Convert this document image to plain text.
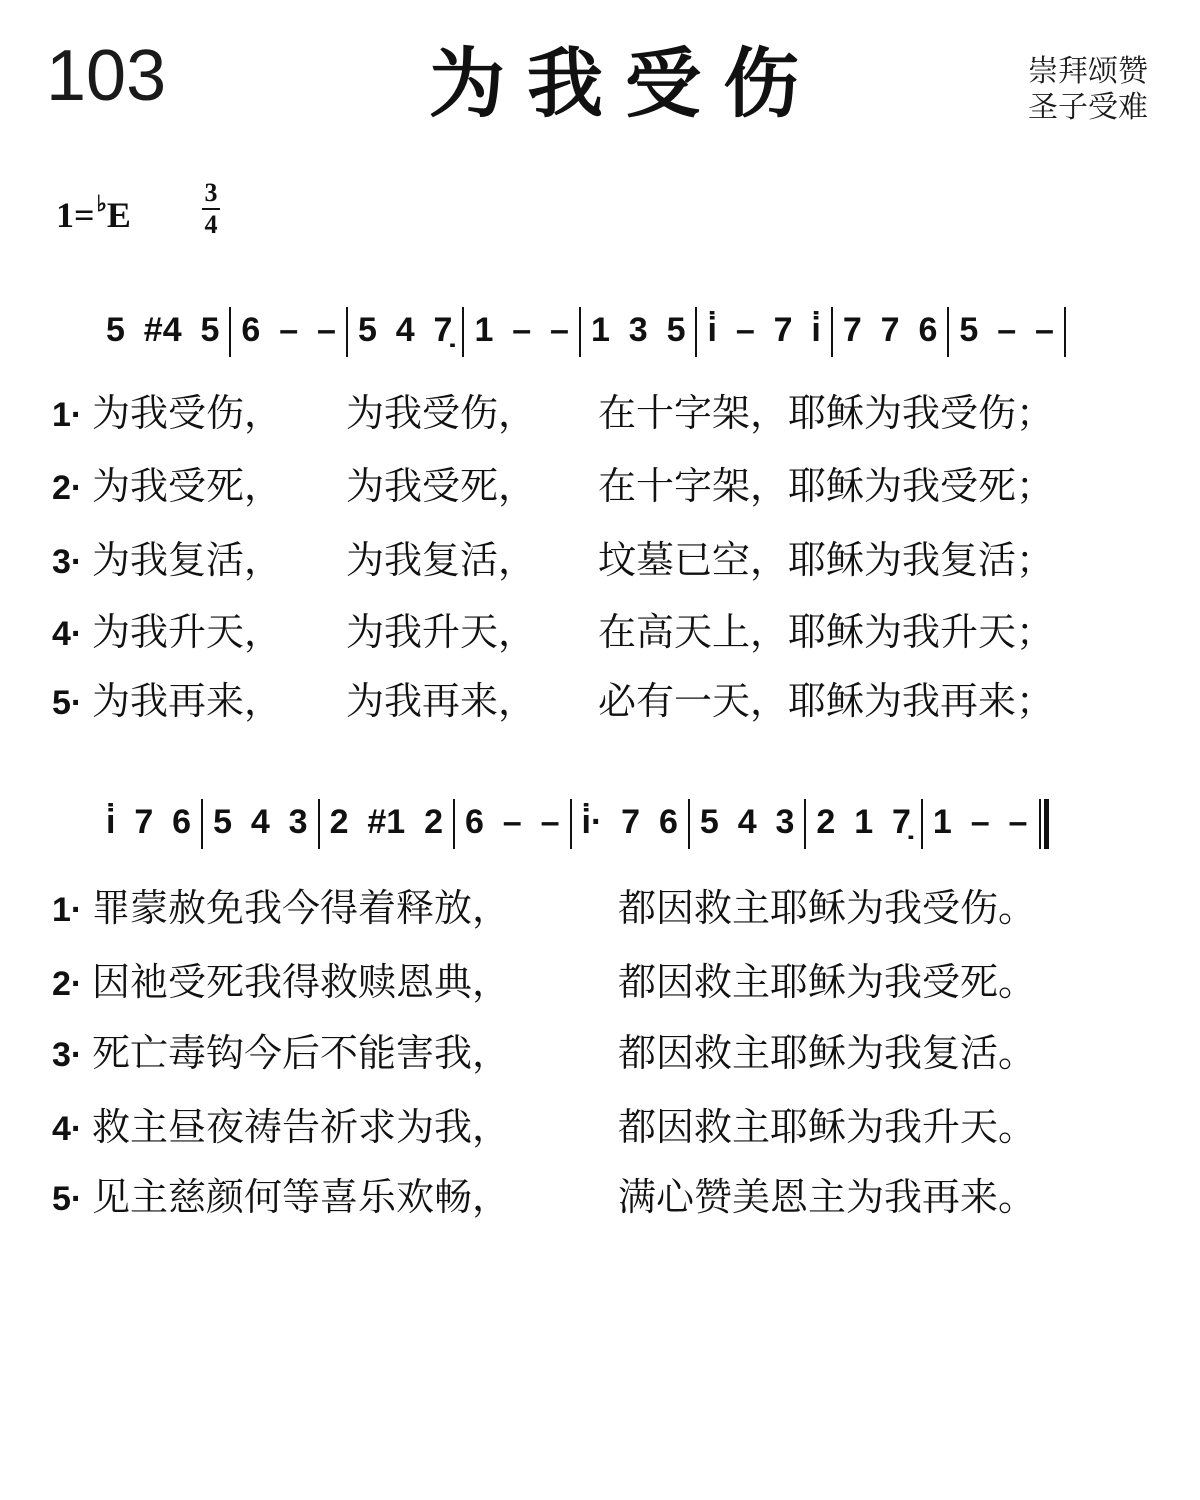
103	为我受伤	崇拜颂赞
圣子受难
1=♭E
3
4
5  #4  5 6  –  – 5  4  7̣ 1  –  – 1  3  5 i̇  –  7  i̇ 7  7  6 5  –  –
1· 为我受伤， 为我受伤， 在十字架，耶稣为我受伤；
2· 为我受死， 为我受死， 在十字架，耶稣为我受死；
3· 为我复活， 为我复活， 坟墓已空，耶稣为我复活；
4· 为我升天， 为我升天， 在高天上，耶稣为我升天；
5· 为我再来， 为我再来， 必有一天，耶稣为我再来；
i̇  7  6 5  4  3 2  #1  2 6  –  – i̇·  7  6 5  4  3 2  1  7̣ 1  –  –
1· 罪蒙赦免我今得着释放，	都因救主耶稣为我受伤。
2· 因祂受死我得救赎恩典，	都因救主耶稣为我受死。
3· 死亡毒钩今后不能害我，	都因救主耶稣为我复活。
4· 救主昼夜祷告祈求为我，	都因救主耶稣为我升天。
5· 见主慈颜何等喜乐欢畅，	满心赞美恩主为我再来。
